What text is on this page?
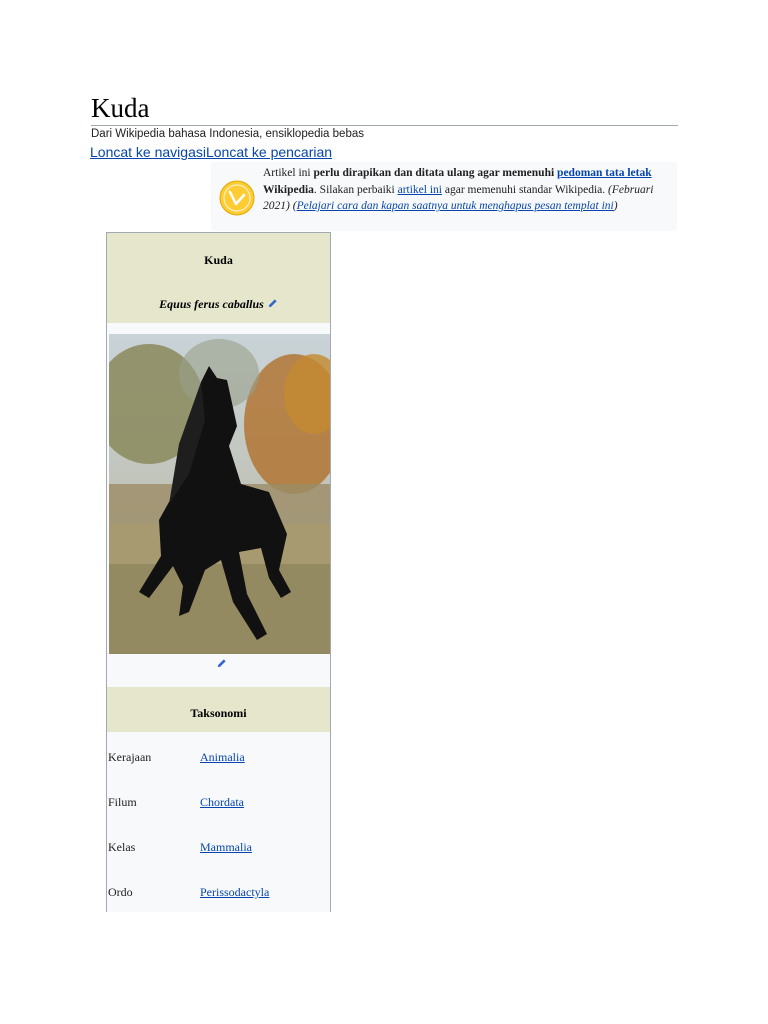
Kuda
Dari Wikipedia bahasa Indonesia, ensiklopedia bebas
Loncat ke navigasiLoncat ke pencarian
Artikel ini perlu dirapikan dan ditata ulang agar memenuhi pedoman tata letak Wikipedia. Silakan perbaiki artikel ini agar memenuhi standar Wikipedia. (Februari 2021) (Pelajari cara dan kapan saatnya untuk menghapus pesan templat ini)
Kuda
Equus ferus caballus
Taksonomi
Kerajaan	Animalia
Filum	Chordata
Kelas	Mammalia
Ordo	Perissodactyla
